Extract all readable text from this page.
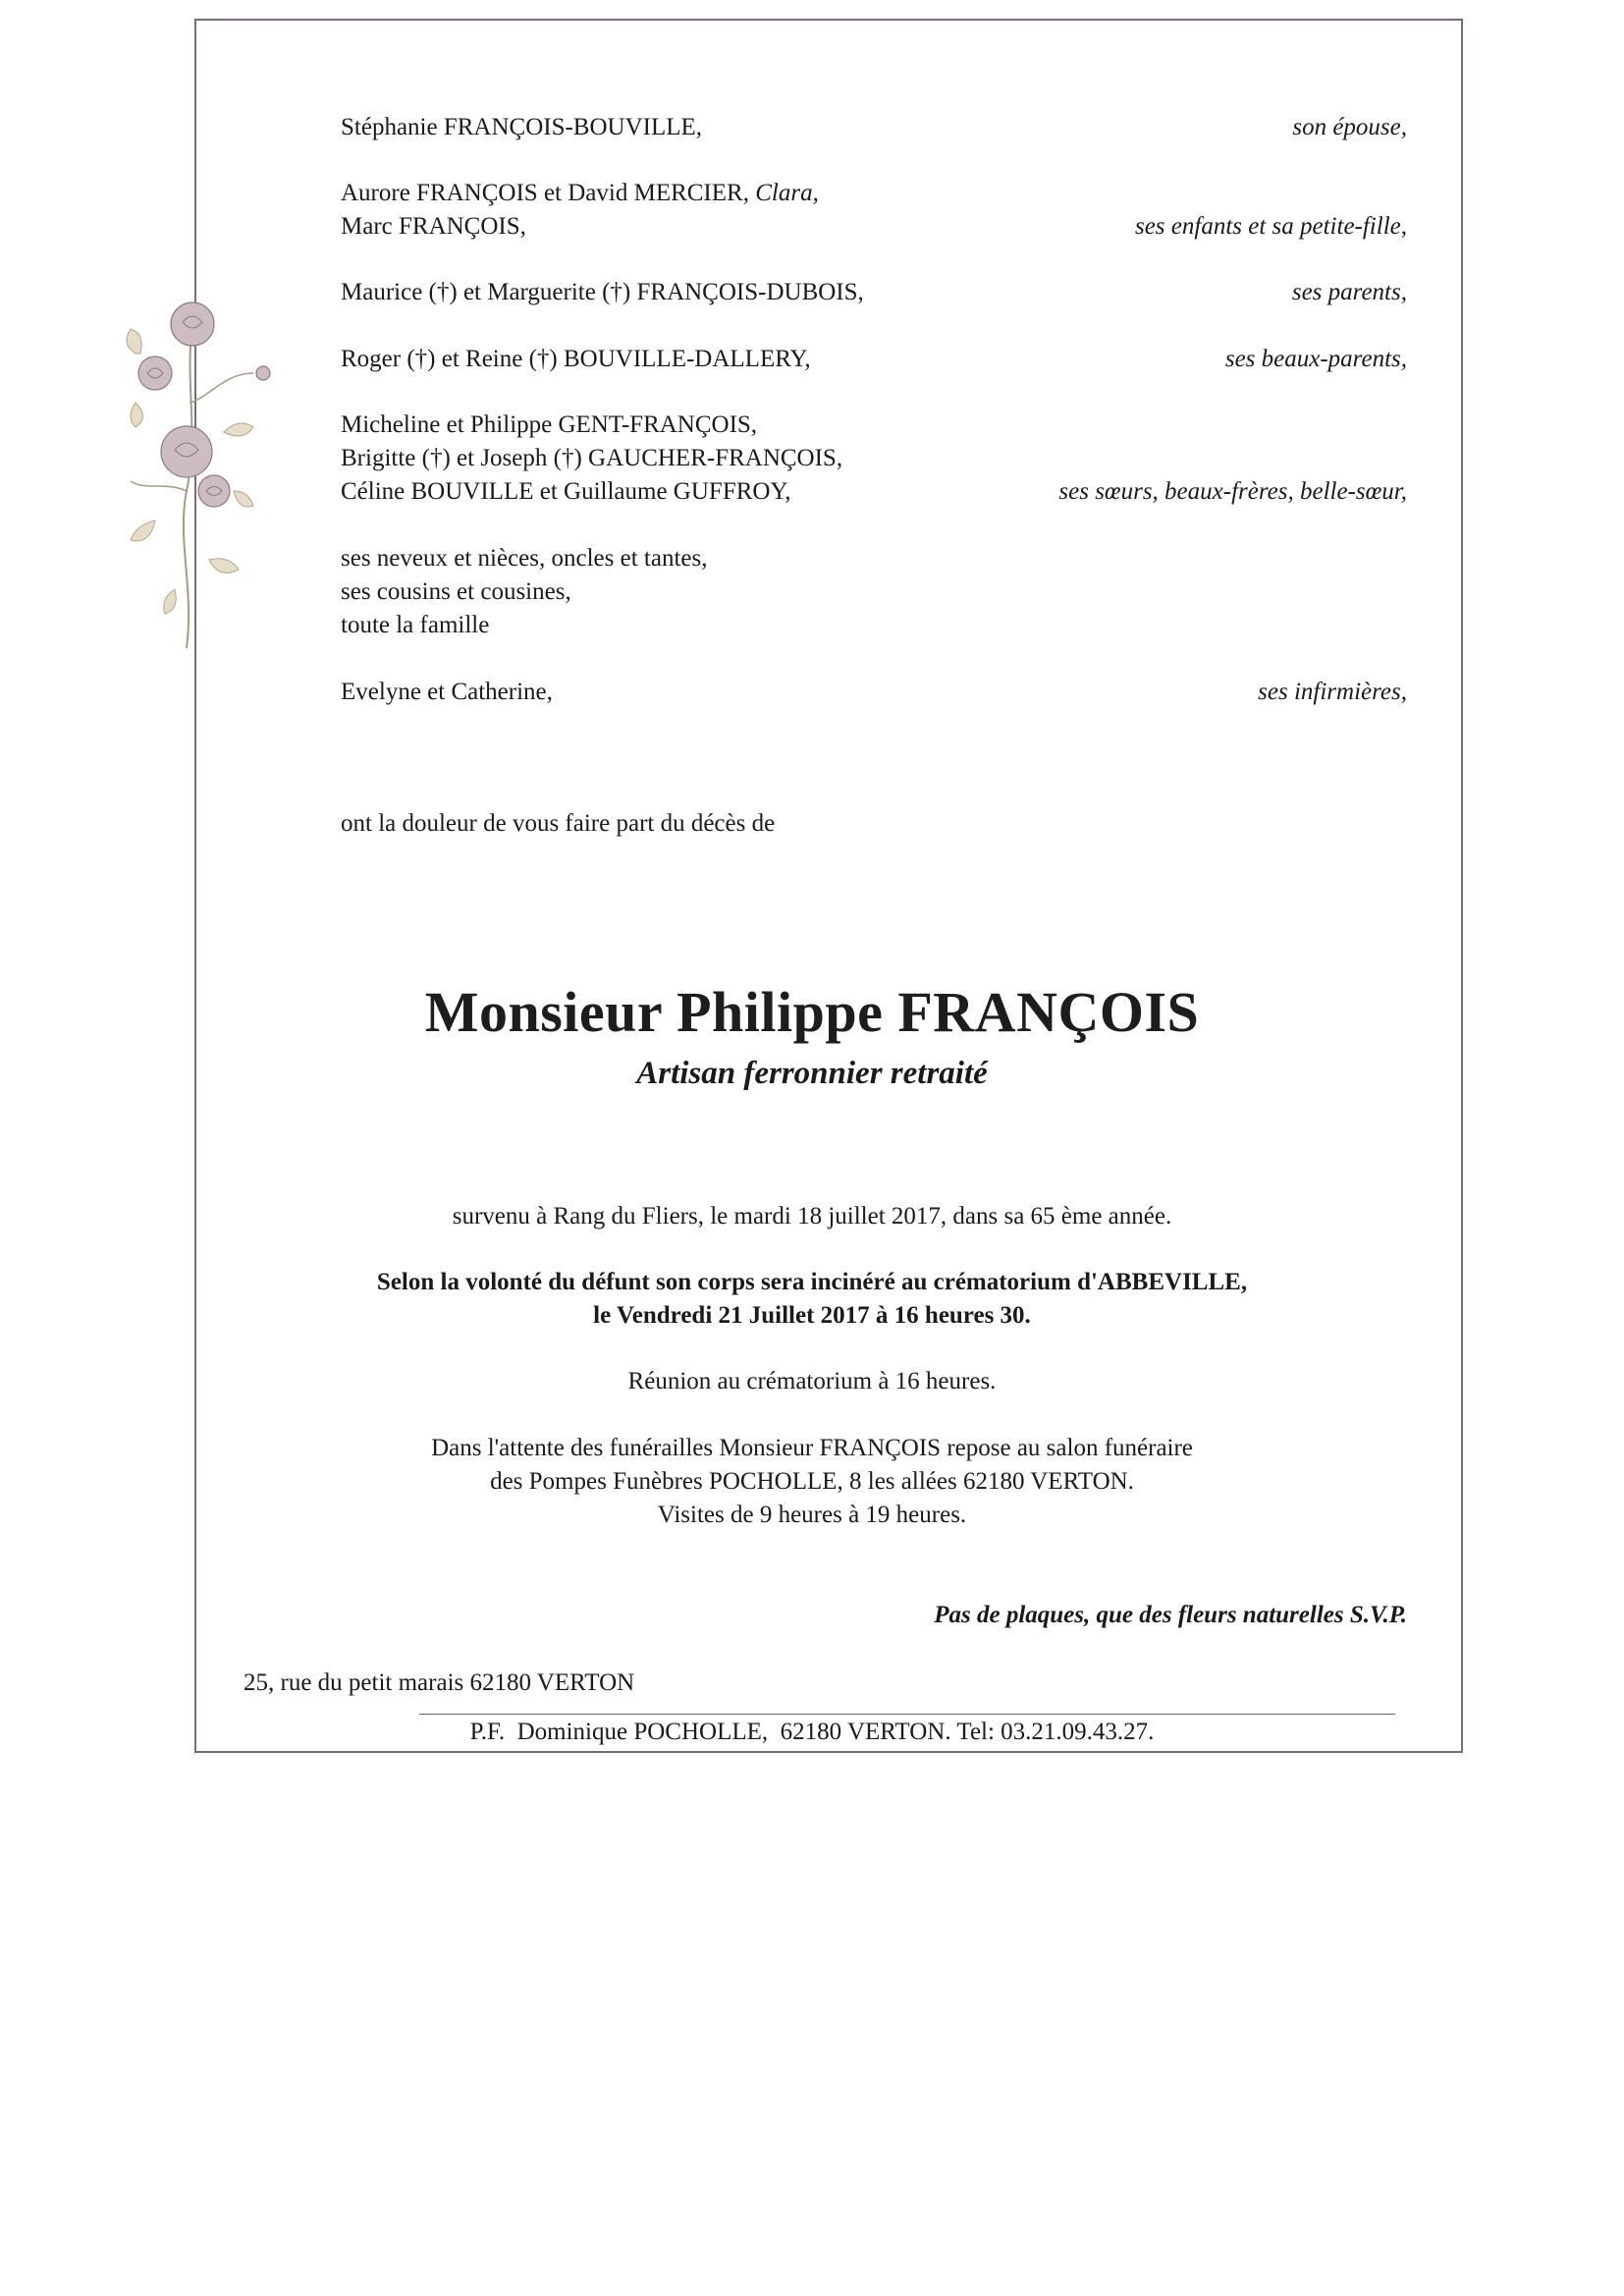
Stéphanie FRANÇOIS-BOUVILLE,	son épouse,
Aurore FRANÇOIS et David MERCIER, Clara,
Marc FRANÇOIS,	ses enfants et sa petite-fille,
Maurice (†) et Marguerite (†) FRANÇOIS-DUBOIS,	ses parents,
Roger (†) et Reine (†) BOUVILLE-DALLERY,	ses beaux-parents,
Micheline et Philippe GENT-FRANÇOIS,
Brigitte (†) et Joseph (†) GAUCHER-FRANÇOIS,
Céline BOUVILLE et Guillaume GUFFROY,	ses sœurs, beaux-frères, belle-sœur,
ses neveux et nièces, oncles et tantes,
ses cousins et cousines,
toute la famille
Evelyne et Catherine,	ses infirmières,
ont la douleur de vous faire part du décès de
Monsieur Philippe FRANÇOIS
Artisan ferronnier retraité
survenu à Rang du Fliers, le mardi 18 juillet 2017, dans sa 65 ème année.
Selon la volonté du défunt son corps sera incinéré au crématorium d'ABBEVILLE,
le Vendredi 21 Juillet 2017 à 16 heures 30.
Réunion au crématorium à 16 heures.
Dans l'attente des funérailles Monsieur FRANÇOIS repose au salon funéraire
des Pompes Funèbres POCHOLLE, 8 les allées 62180 VERTON.
Visites de 9 heures à 19 heures.
Pas de plaques, que des fleurs naturelles S.V.P.
25, rue du petit marais 62180 VERTON
P.F.  Dominique POCHOLLE,  62180 VERTON. Tel: 03.21.09.43.27.
